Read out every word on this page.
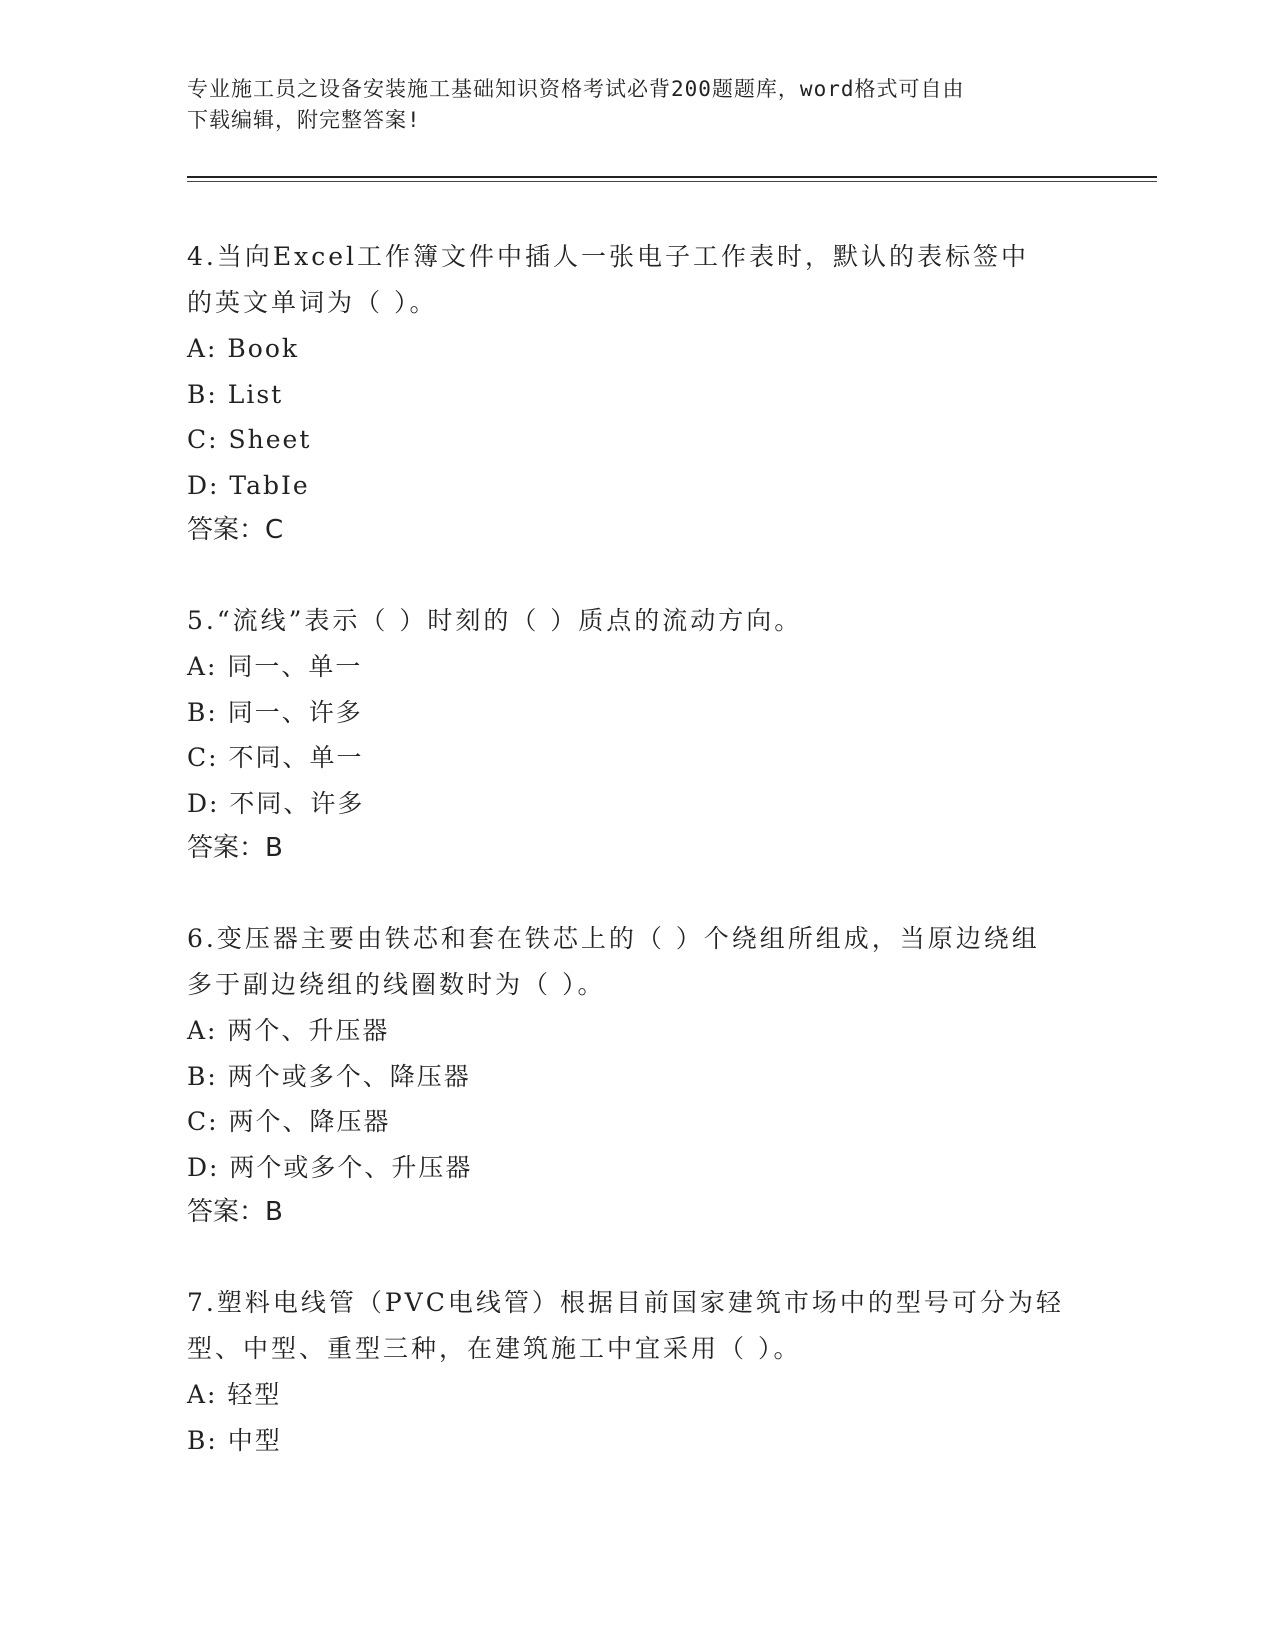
专业施工员之设备安装施工基础知识资格考试必背200题题库，word格式可自由
下载编辑，附完整答案!
4.当向Excel工作簿文件中插人一张电子工作表时，默认的表标签中
的英文单词为（ ）。
A: Book
B: List
C: Sheet
D: TabIe
答案：C
5.“流线”表示（ ）时刻的（ ）质点的流动方向。
A: 同一、单一
B: 同一、许多
C: 不同、单一
D: 不同、许多
答案：B
6.变压器主要由铁芯和套在铁芯上的（ ）个绕组所组成，当原边绕组
多于副边绕组的线圈数时为（ ）。
A: 两个、升压器
B: 两个或多个、降压器
C: 两个、降压器
D: 两个或多个、升压器
答案：B
7.塑料电线管（PVC电线管）根据目前国家建筑市场中的型号可分为轻
型、中型、重型三种，在建筑施工中宜采用（ ）。
A: 轻型
B: 中型
